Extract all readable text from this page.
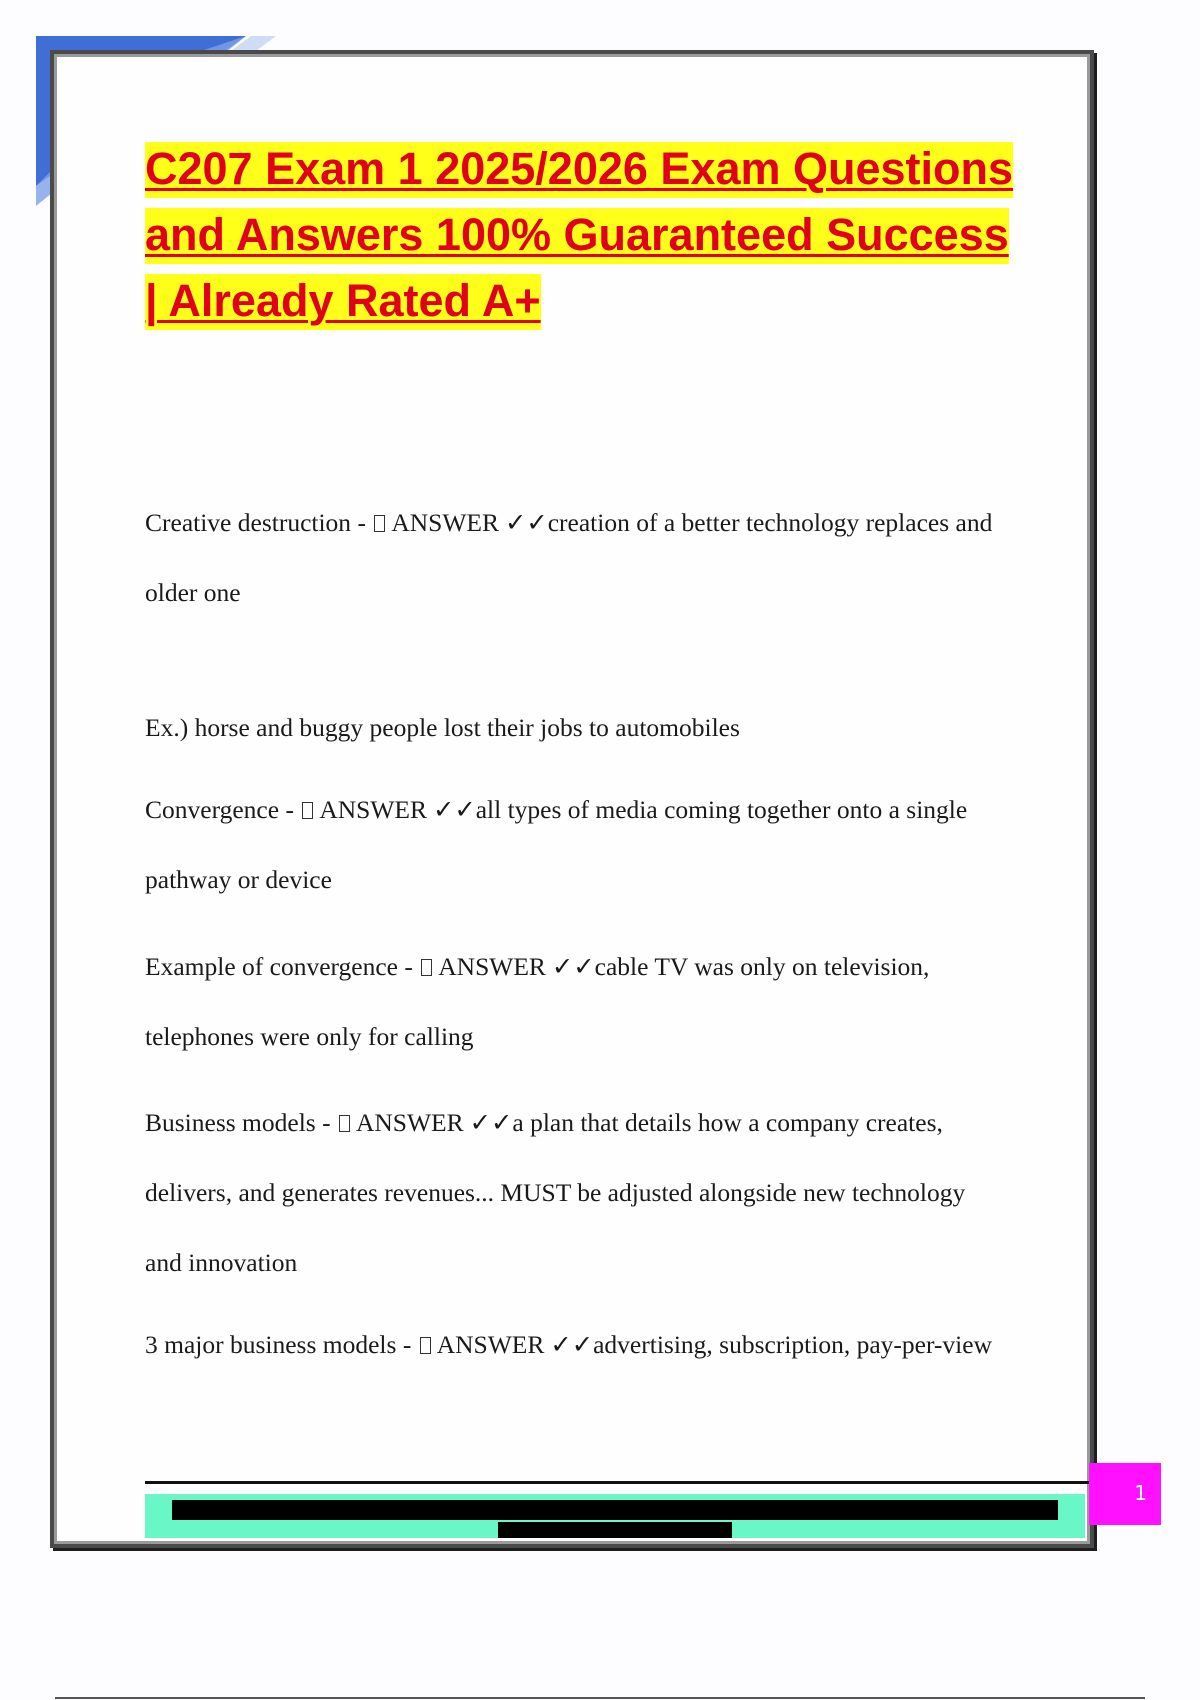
C207 Exam 1 2025/2026 Exam Questions
and Answers 100% Guaranteed Success
| Already Rated A+
Creative destruction - ANSWER ✓✓creation of a better technology replaces and
older one
Ex.) horse and buggy people lost their jobs to automobiles
Convergence - ANSWER ✓✓all types of media coming together onto a single
pathway or device
Example of convergence - ANSWER ✓✓cable TV was only on television,
telephones were only for calling
Business models - ANSWER ✓✓a plan that details how a company creates,
delivers, and generates revenues... MUST be adjusted alongside new technology
and innovation
3 major business models - ANSWER ✓✓advertising, subscription, pay-per-view
1
